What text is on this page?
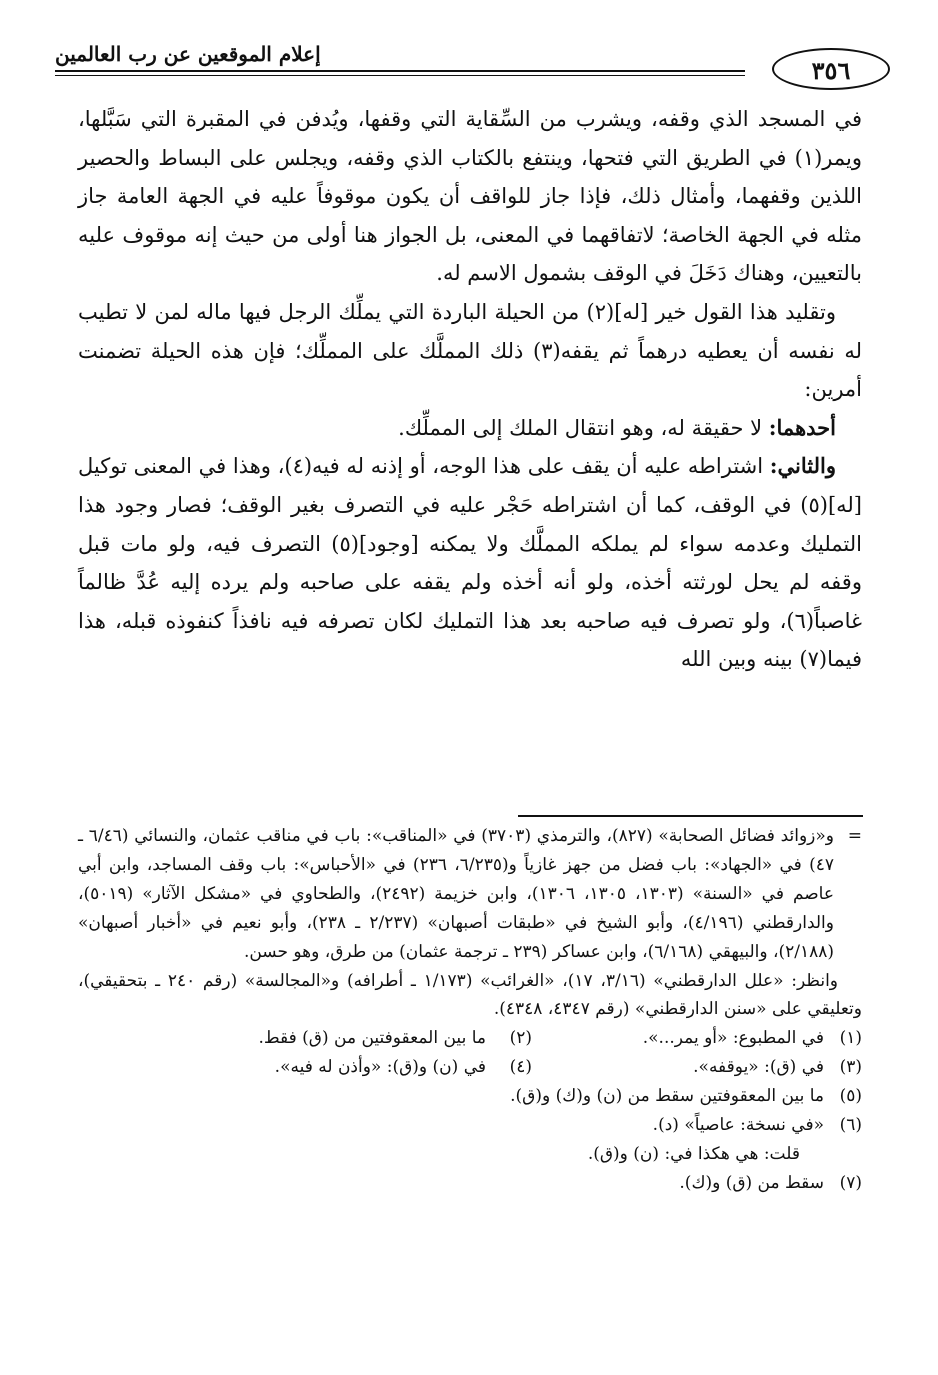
إعلام الموقعين عن رب العالمين
٣٥٦

في المسجد الذي وقفه، ويشرب من السِّقاية التي وقفها، ويُدفن في المقبرة التي سَبَّلها، ويمر(١) في الطريق التي فتحها، وينتفع بالكتاب الذي وقفه، ويجلس على البساط والحصير اللذين وقفهما، وأمثال ذلك، فإذا جاز للواقف أن يكون موقوفاً عليه في الجهة العامة جاز مثله في الجهة الخاصة؛ لاتفاقهما في المعنى، بل الجواز هنا أولى من حيث إنه موقوف عليه بالتعيين، وهناك دَخَلَ في الوقف بشمول الاسم له.

وتقليد هذا القول خير [له](٢) من الحيلة الباردة التي يملِّك الرجل فيها ماله لمن لا تطيب له نفسه أن يعطيه درهماً ثم يقفه(٣) ذلك المملَّك على المملِّك؛ فإن هذه الحيلة تضمنت أمرين:

أحدهما: لا حقيقة له، وهو انتقال الملك إلى المملِّك.

والثاني: اشتراطه عليه أن يقف على هذا الوجه، أو إذنه له فيه(٤)، وهذا في المعنى توكيل [له](٥) في الوقف، كما أن اشتراطه حَجْر عليه في التصرف بغير الوقف؛ فصار وجود هذا التمليك وعدمه سواء لم يملكه المملَّك ولا يمكنه [وجود](٥) التصرف فيه، ولو مات قبل وقفه لم يحل لورثته أخذه، ولو أنه أخذه ولم يقفه على صاحبه ولم يرده إليه عُدَّ ظالماً غاصباً(٦)، ولو تصرف فيه صاحبه بعد هذا التمليك لكان تصرفه فيه نافذاً كنفوذه قبله، هذا فيما(٧) بينه وبين الله

=
و«زوائد فضائل الصحابة» (٨٢٧)، والترمذي (٣٧٠٣) في «المناقب»: باب في مناقب عثمان، والنسائي (٦/٤٦ ـ ٤٧) في «الجهاد»: باب فضل من جهز غازياً و(٦/٢٣٥، ٢٣٦) في «الأحباس»: باب وقف المساجد، وابن أبي عاصم في «السنة» (١٣٠٣، ١٣٠٥، ١٣٠٦)، وابن خزيمة (٢٤٩٢)، والطحاوي في «مشكل الآثار» (٥٠١٩)، والدارقطني (٤/١٩٦)، وأبو الشيخ في «طبقات أصبهان» (٢/٢٣٧ ـ ٢٣٨)، وأبو نعيم في «أخبار أصبهان» (٢/١٨٨)، والبيهقي (٦/١٦٨)، وابن عساكر (٢٣٩ ـ ترجمة عثمان) من طرق، وهو حسن.

وانظر: «علل الدارقطني» (٣/١٦، ١٧)، «الغرائب» (١/١٧٣ ـ أطرافه) و«المجالسة» (رقم ٢٤٠ ـ بتحقيقي)، وتعليقي على «سنن الدارقطني» (رقم ٤٣٤٧، ٤٣٤٨).

(١)
في المطبوع: «أو يمر...».
(٢)
ما بين المعقوفتين من (ق) فقط.
(٣)
في (ق): «يوقفه».
(٤)
في (ن) و(ق): «وأذن له فيه».
(٥)
ما بين المعقوفتين سقط من (ن) و(ك) و(ق).
(٦)
«في نسخة: عاصياً» (د).

قلت: هي هكذا في: (ن) و(ق).

(٧)
سقط من (ق) و(ك).
